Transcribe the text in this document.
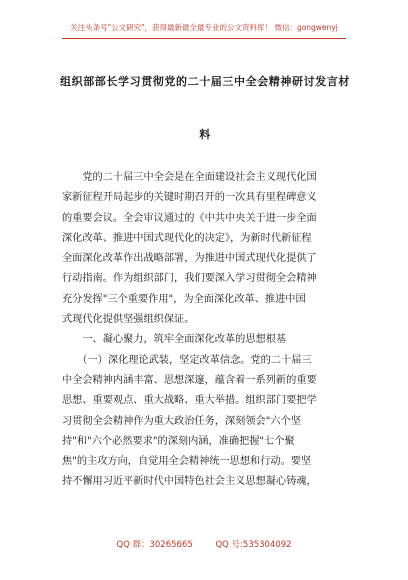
关注头条号"公文研究"，获得最新最全最专业的公文资料库！ 微信：gongwenyj
组织部部长学习贯彻党的二十届三中全会精神研讨发言材
料
　　党的二十届三中全会是在全面建设社会主义现代化国
家新征程开局起步的关键时期召开的一次具有里程碑意义
的重要会议。全会审议通过的《中共中央关于进一步全面
深化改革、推进中国式现代化的决定》，为新时代新征程
全面深化改革作出战略部署，为推进中国式现代化提供了
行动指南。作为组织部门，我们要深入学习贯彻全会精神
充分发挥"三个重要作用"，为全面深化改革、推进中国
式现代化提供坚强组织保证。
　　一、凝心聚力，筑牢全面深化改革的思想根基
　　（一）深化理论武装，坚定改革信念。党的二十届三
中全会精神内涵丰富、思想深邃，蕴含着一系列新的重要
思想、重要观点、重大战略、重大举措。组织部门要把学
习贯彻全会精神作为重大政治任务，深刻领会"六个坚
持"和"六个必然要求"的深刻内涵，准确把握"七个聚
焦"的主攻方向，自觉用全会精神统一思想和行动。要坚
持不懈用习近平新时代中国特色社会主义思想凝心铸魂，
QQ 群：30265665	QQ 号:535304092
